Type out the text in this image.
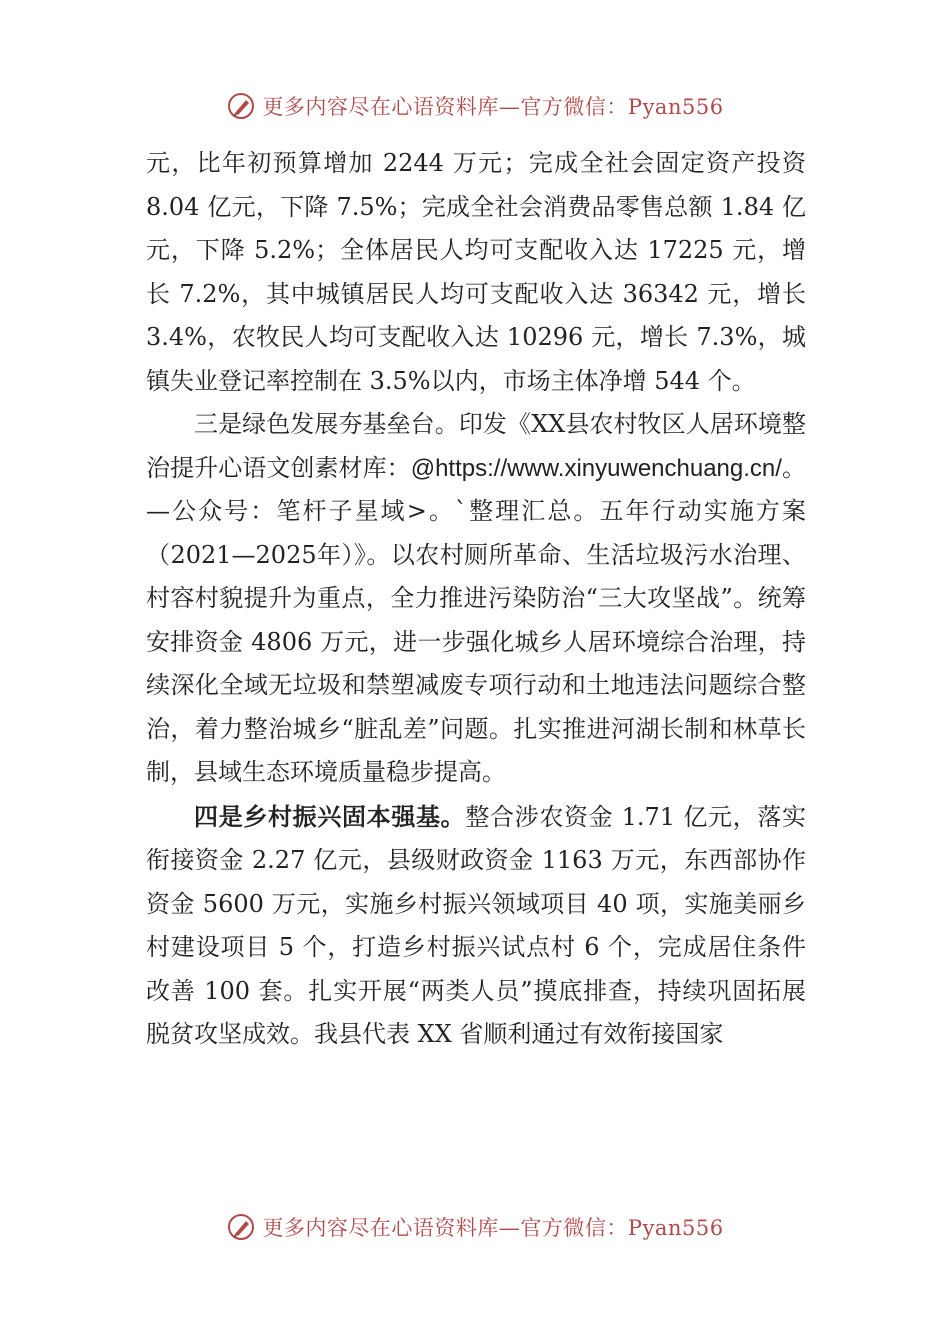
更多内容尽在心语资料库—官方微信：Pyan556

元，比年初预算增加 2244 万元；完成全社会固定资产投资 8.04 亿元，下降 7.5%；完成全社会消费品零售总额 1.84 亿元，下降 5.2%；全体居民人均可支配收入达 17225 元，增长 7.2%，其中城镇居民人均可支配收入达 36342 元，增长 3.4%，农牧民人均可支配收入达 10296 元，增长 7.3%，城镇失业登记率控制在 3.5%以内，市场主体净增 544 个。

三是绿色发展夯基垒台。印发《XX县农村牧区人居环境整治提升心语文创素材库：@https://www.xinyuwenchuang.cn/。—公众号：笔杆子星域>。`整理汇总。五年行动实施方案（2021—2025年）》。以农村厕所革命、生活垃圾污水治理、村容村貌提升为重点，全力推进污染防治“三大攻坚战”。统筹安排资金 4806 万元，进一步强化城乡人居环境综合治理，持续深化全域无垃圾和禁塑减废专项行动和土地违法问题综合整治，着力整治城乡“脏乱差”问题。扎实推进河湖长制和林草长制，县域生态环境质量稳步提高。

四是乡村振兴固本强基。整合涉农资金 1.71 亿元，落实衔接资金 2.27 亿元，县级财政资金 1163 万元，东西部协作资金 5600 万元，实施乡村振兴领域项目 40 项，实施美丽乡村建设项目 5 个，打造乡村振兴试点村 6 个，完成居住条件改善 100 套。扎实开展“两类人员”摸底排查，持续巩固拓展脱贫攻坚成效。我县代表 XX 省顺利通过有效衔接国家

更多内容尽在心语资料库—官方微信：Pyan556
